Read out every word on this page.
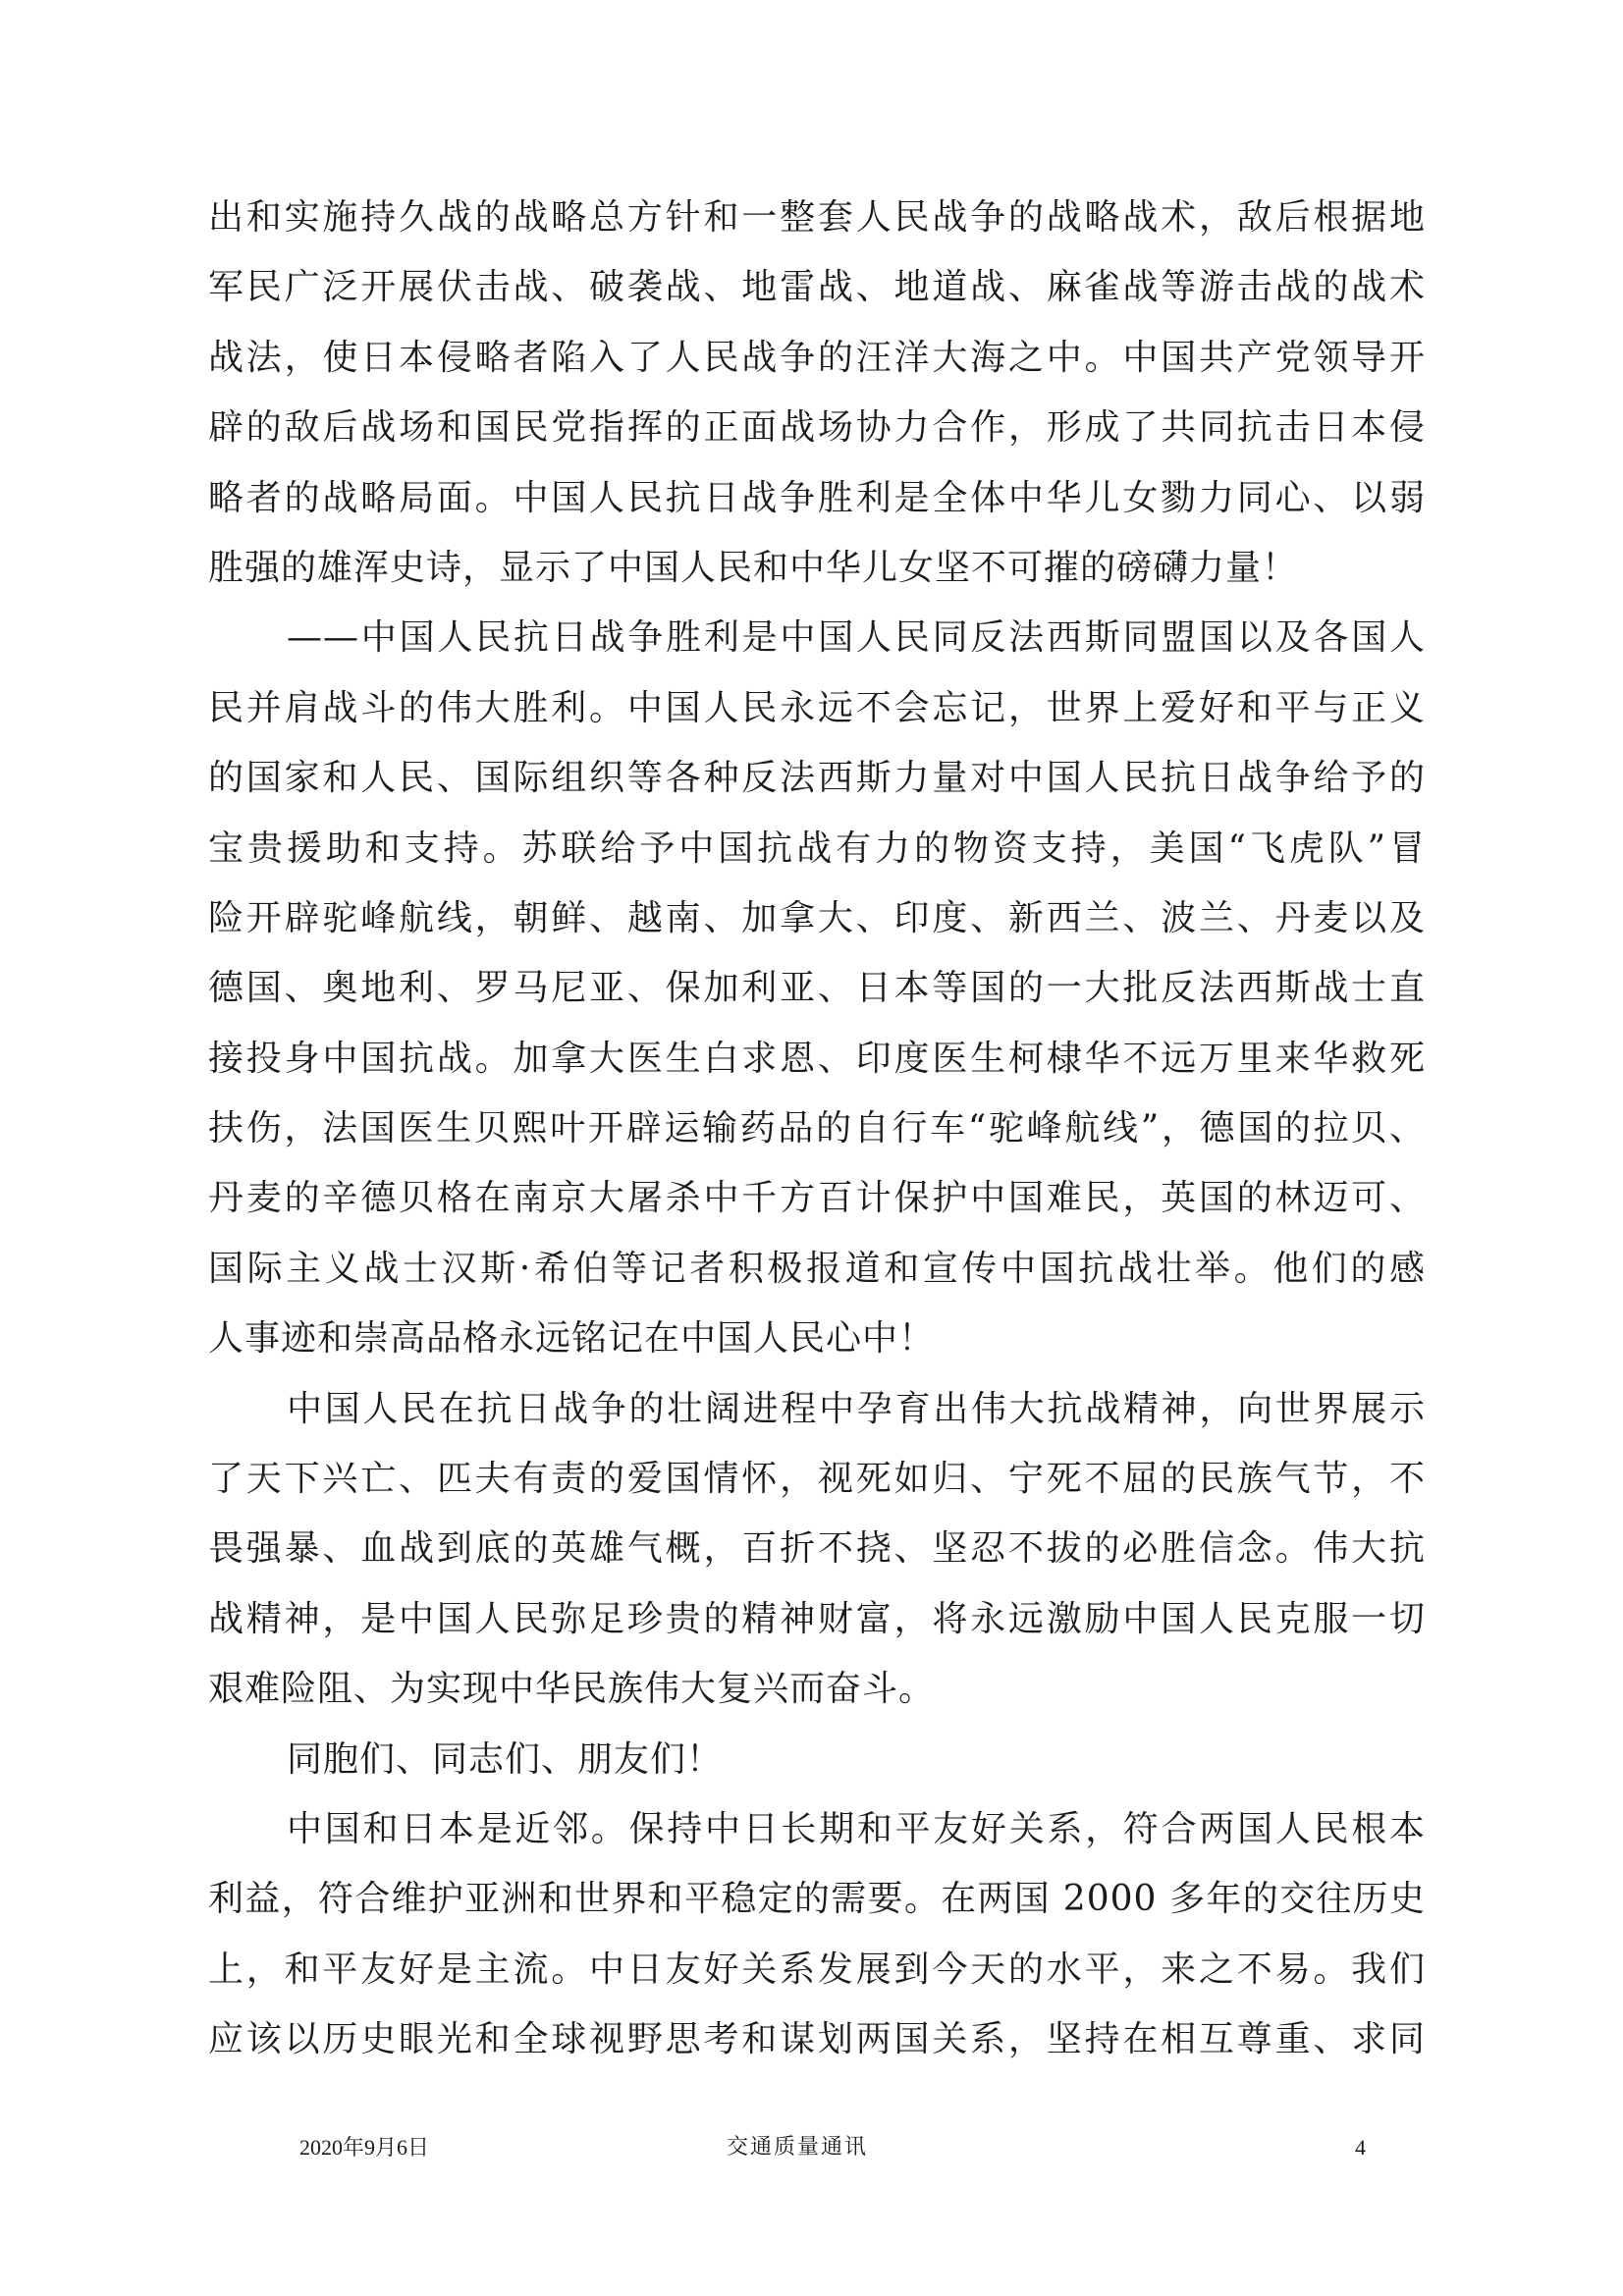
出和实施持久战的战略总方针和一整套人民战争的战略战术，敌后根据地
军民广泛开展伏击战、破袭战、地雷战、地道战、麻雀战等游击战的战术
战法，使日本侵略者陷入了人民战争的汪洋大海之中。中国共产党领导开
辟的敌后战场和国民党指挥的正面战场协力合作，形成了共同抗击日本侵
略者的战略局面。中国人民抗日战争胜利是全体中华儿女勠力同心、以弱
胜强的雄浑史诗，显示了中国人民和中华儿女坚不可摧的磅礴力量！
——中国人民抗日战争胜利是中国人民同反法西斯同盟国以及各国人
民并肩战斗的伟大胜利。中国人民永远不会忘记，世界上爱好和平与正义
的国家和人民、国际组织等各种反法西斯力量对中国人民抗日战争给予的
宝贵援助和支持。苏联给予中国抗战有力的物资支持，美国“飞虎队”冒
险开辟驼峰航线，朝鲜、越南、加拿大、印度、新西兰、波兰、丹麦以及
德国、奥地利、罗马尼亚、保加利亚、日本等国的一大批反法西斯战士直
接投身中国抗战。加拿大医生白求恩、印度医生柯棣华不远万里来华救死
扶伤，法国医生贝熙叶开辟运输药品的自行车“驼峰航线”，德国的拉贝、
丹麦的辛德贝格在南京大屠杀中千方百计保护中国难民，英国的林迈可、
国际主义战士汉斯·希伯等记者积极报道和宣传中国抗战壮举。他们的感
人事迹和崇高品格永远铭记在中国人民心中！
中国人民在抗日战争的壮阔进程中孕育出伟大抗战精神，向世界展示
了天下兴亡、匹夫有责的爱国情怀，视死如归、宁死不屈的民族气节，不
畏强暴、血战到底的英雄气概，百折不挠、坚忍不拔的必胜信念。伟大抗
战精神，是中国人民弥足珍贵的精神财富，将永远激励中国人民克服一切
艰难险阻、为实现中华民族伟大复兴而奋斗。
同胞们、同志们、朋友们！
中国和日本是近邻。保持中日长期和平友好关系，符合两国人民根本
利益，符合维护亚洲和世界和平稳定的需要。在两国 2000 多年的交往历史
上，和平友好是主流。中日友好关系发展到今天的水平，来之不易。我们
应该以历史眼光和全球视野思考和谋划两国关系，坚持在相互尊重、求同
2020年9月6日	交通质量通讯	4
